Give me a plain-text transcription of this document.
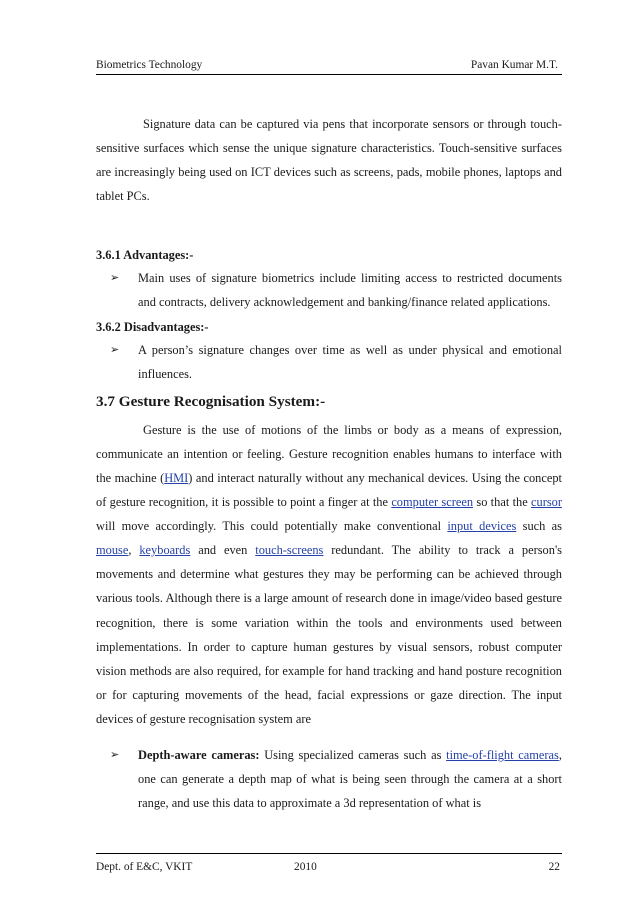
Biometrics Technology	Pavan Kumar M.T.

Signature data can be captured via pens that incorporate sensors or through touch-sensitive surfaces which sense the unique signature characteristics. Touch-sensitive surfaces are increasingly being used on ICT devices such as screens, pads, mobile phones, laptops and tablet PCs.

3.6.1 Advantages:-

➢ Main uses of signature biometrics include limiting access to restricted documents and contracts, delivery acknowledgement and banking/finance related applications.

3.6.2 Disadvantages:-

➢ A person’s signature changes over time as well as under physical and emotional influences.

3.7 Gesture Recognisation System:-

Gesture is the use of motions of the limbs or body as a means of expression, communicate an intention or feeling. Gesture recognition enables humans to interface with the machine (HMI) and interact naturally without any mechanical devices. Using the concept of gesture recognition, it is possible to point a finger at the computer screen so that the cursor will move accordingly. This could potentially make conventional input devices such as mouse, keyboards and even touch-screens redundant. The ability to track a person's movements and determine what gestures they may be performing can be achieved through various tools. Although there is a large amount of research done in image/video based gesture recognition, there is some variation within the tools and environments used between implementations. In order to capture human gestures by visual sensors, robust computer vision methods are also required, for example for hand tracking and hand posture recognition or for capturing movements of the head, facial expressions or gaze direction. The input devices of gesture recognisation system are

➢ Depth-aware cameras: Using specialized cameras such as time-of-flight cameras, one can generate a depth map of what is being seen through the camera at a short range, and use this data to approximate a 3d representation of what is

Dept. of E&C, VKIT	2010	22
